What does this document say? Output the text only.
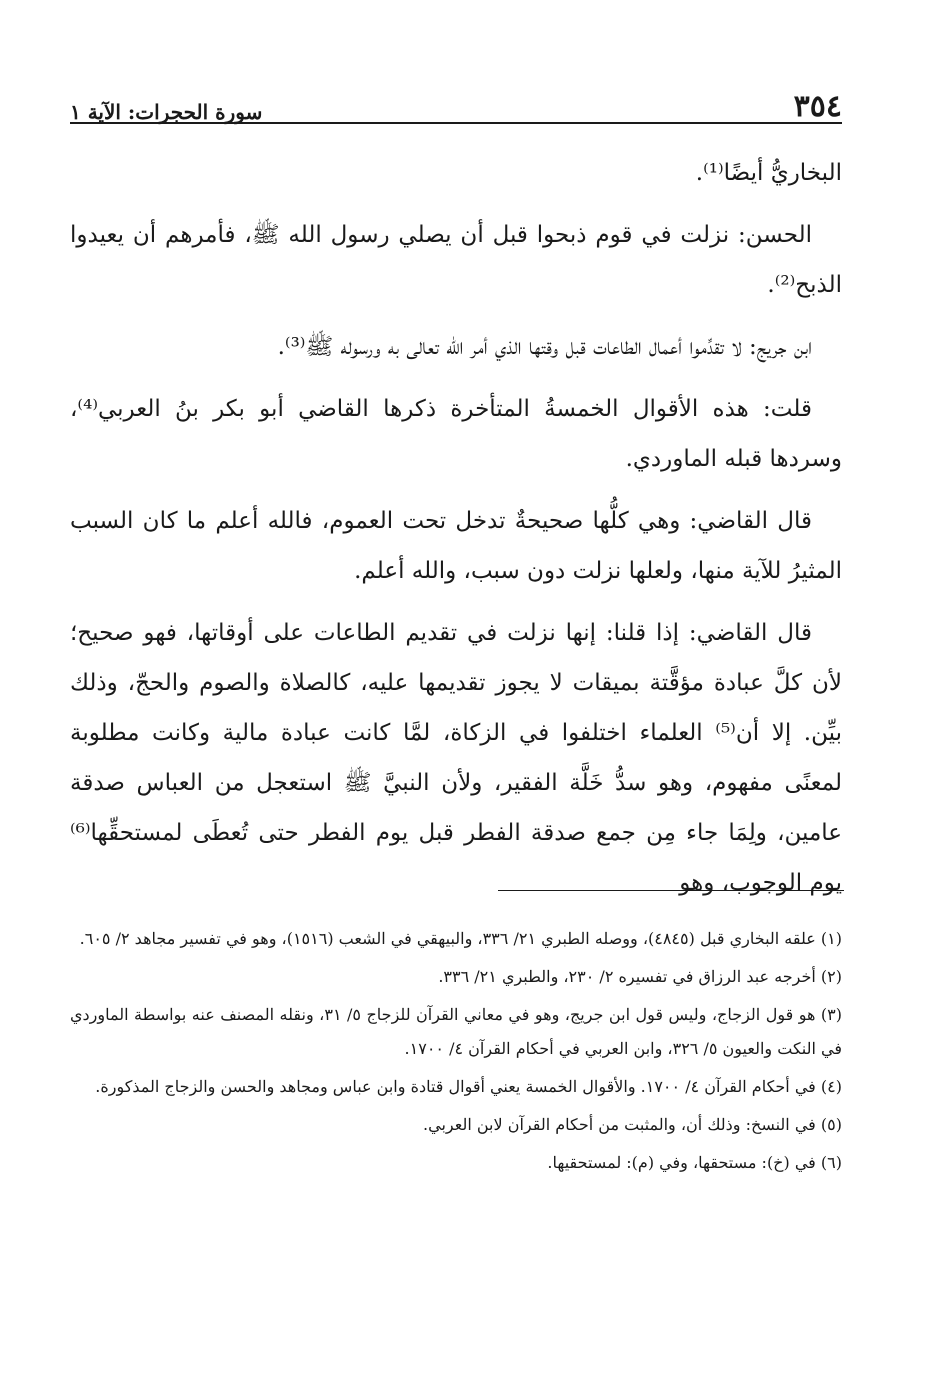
٣٥٤
سورة الحجرات: الآية ١

البخاريُّ أيضًا⁽¹⁾.

الحسن: نزلت في قوم ذبحوا قبل أن يصلي رسول الله ﷺ، فأمرهم أن يعيدوا الذبح⁽²⁾.

ابن جريج: لا تقدِّموا أعمال الطاعات قبل وقتها الذي أمر الله تعالى به ورسوله ﷺ⁽³⁾.

قلت: هذه الأقوال الخمسةُ المتأخرة ذكرها القاضي أبو بكر بنُ العربي⁽⁴⁾، وسردها قبله الماوردي.

قال القاضي: وهي كلُّها صحيحةٌ تدخل تحت العموم، فالله أعلم ما كان السبب المثيرُ للآية منها، ولعلها نزلت دون سبب، والله أعلم.

قال القاضي: إذا قلنا: إنها نزلت في تقديم الطاعات على أوقاتها، فهو صحيح؛ لأن كلَّ عبادة مؤقَّتة بميقات لا يجوز تقديمها عليه، كالصلاة والصوم والحجّ، وذلك بيِّن. إلا أن⁽⁵⁾ العلماء اختلفوا في الزكاة، لمَّا كانت عبادة مالية وكانت مطلوبة لمعنًى مفهوم، وهو سدُّ خَلَّة الفقير، ولأن النبيَّ ﷺ استعجل من العباس صدقة عامين، ولِمَا جاء مِن جمع صدقة الفطر قبل يوم الفطر حتى تُعطَى لمستحقِّها⁽⁶⁾ يوم الوجوب، وهو

(١) علقه البخاري قبل (٤٨٤٥)، ووصله الطبري ٢١/ ٣٣٦، والبيهقي في الشعب (١٥١٦)، وهو في تفسير مجاهد ٢/ ٦٠٥.

(٢) أخرجه عبد الرزاق في تفسيره ٢/ ٢٣٠، والطبري ٢١/ ٣٣٦.

(٣) هو قول الزجاج، وليس قول ابن جريج، وهو في معاني القرآن للزجاج ٥/ ٣١، ونقله المصنف عنه بواسطة الماوردي في النكت والعيون ٥/ ٣٢٦، وابن العربي في أحكام القرآن ٤/ ١٧٠٠.

(٤) في أحكام القرآن ٤/ ١٧٠٠. والأقوال الخمسة يعني أقوال قتادة وابن عباس ومجاهد والحسن والزجاج المذكورة.

(٥) في النسخ: وذلك أن، والمثبت من أحكام القرآن لابن العربي.

(٦) في (خ): مستحقها، وفي (م): لمستحقيها.
